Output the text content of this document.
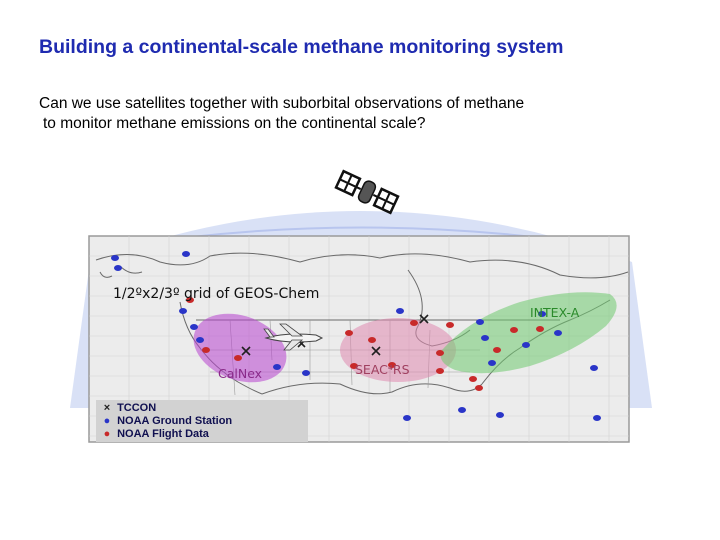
Building a continental-scale methane monitoring system
Can we use satellites together with suborbital observations of methane
to monitor methane emissions on the continental scale?
1/2ºx2/3º grid of GEOS-Chem
INTEX-A
CalNex	SEAC⁴RS
× TCCON
● NOAA Ground Station
● NOAA Flight Data
